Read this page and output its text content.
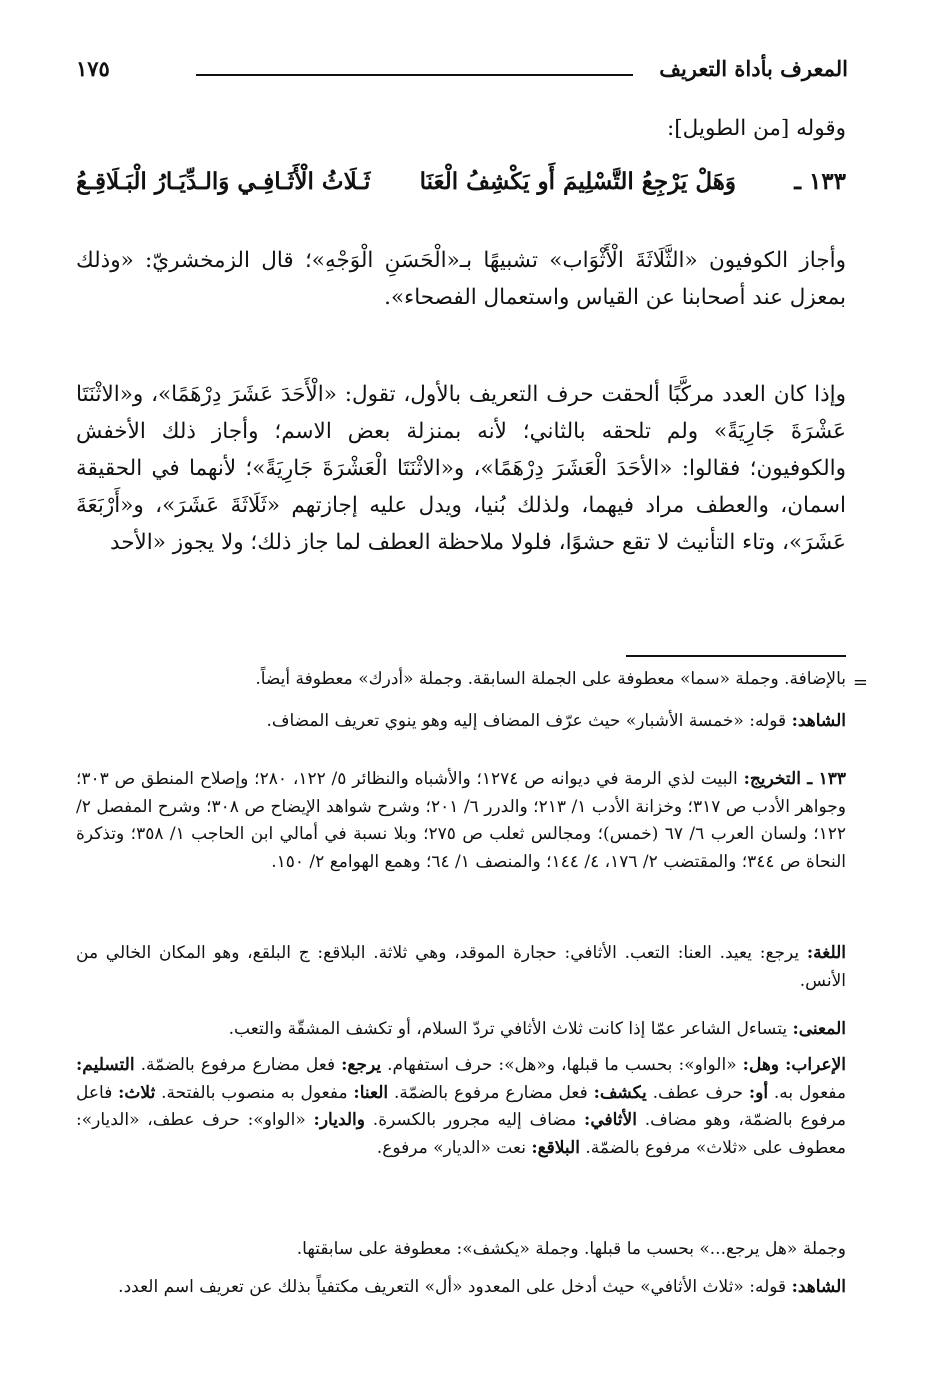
المعرف بأداة التعريف
١٧٥

وقوله [من الطويل]:

١٣٣ ـ
وَهَلْ يَرْجِعُ التَّسْلِيمَ أَو يَكْشِفُ الْعَنَا
ثَـلَاثُ الْأَثَـافِـي وَالـدِّيَـارُ الْبَـلَاقِـعُ

وأجاز الكوفيون «الثَّلَاثَةَ الْأَثْوَاب» تشبيهًا بـ«الْحَسَنِ الْوَجْهِ»؛ قال الزمخشريّ: «وذلك بمعزل عند أصحابنا عن القياس واستعمال الفصحاء».

وإذا كان العدد مركَّبًا ألحقت حرف التعريف بالأول، تقول: «الْأَحَدَ عَشَرَ دِرْهَمًا»، و«الاثْنَتَا عَشْرَةَ جَارِيَةً» ولم تلحقه بالثاني؛ لأنه بمنزلة بعض الاسم؛ وأجاز ذلك الأخفش والكوفيون؛ فقالوا: «الأحَدَ الْعَشَرَ دِرْهَمًا»، و«الاثْنَتَا الْعَشْرَةَ جَارِيَةً»؛ لأنهما في الحقيقة اسمان، والعطف مراد فيهما، ولذلك بُنيا، ويدل عليه إجازتهم «ثَلَاثَةَ عَشَرَ»، و«أَرْبَعَةَ عَشَرَ»، وتاء التأنيث لا تقع حشوًا، فلولا ملاحظة العطف لما جاز ذلك؛ ولا يجوز «الأحد

=

بالإضافة. وجملة «سما» معطوفة على الجملة السابقة. وجملة «أدرك» معطوفة أيضاً.

الشاهد: قوله: «خمسة الأشبار» حيث عرّف المضاف إليه وهو ينوي تعريف المضاف.

١٣٣ ـ التخريج: البيت لذي الرمة في ديوانه ص ١٢٧٤؛ والأشباه والنظائر ٥/ ١٢٢، ٢٨٠؛ وإصلاح المنطق ص ٣٠٣؛ وجواهر الأدب ص ٣١٧؛ وخزانة الأدب ١/ ٢١٣؛ والدرر ٦/ ٢٠١؛ وشرح شواهد الإيضاح ص ٣٠٨؛ وشرح المفصل ٢/ ١٢٢؛ ولسان العرب ٦/ ٦٧ (خمس)؛ ومجالس ثعلب ص ٢٧٥؛ وبلا نسبة في أمالي ابن الحاجب ١/ ٣٥٨؛ وتذكرة النحاة ص ٣٤٤؛ والمقتضب ٢/ ١٧٦، ٤/ ١٤٤؛ والمنصف ١/ ٦٤؛ وهمع الهوامع ٢/ ١٥٠.

اللغة: يرجع: يعيد. العنا: التعب. الأثافي: حجارة الموقد، وهي ثلاثة. البلاقع: ج البلقع، وهو المكان الخالي من الأنس.

المعنى: يتساءل الشاعر عمّا إذا كانت ثلاث الأثافي تردّ السلام، أو تكشف المشقّة والتعب.

الإعراب: وهل: «الواو»: بحسب ما قبلها، و«هل»: حرف استفهام. يرجع: فعل مضارع مرفوع بالضمّة. التسليم: مفعول به. أو: حرف عطف. يكشف: فعل مضارع مرفوع بالضمّة. العنا: مفعول به منصوب بالفتحة. ثلاث: فاعل مرفوع بالضمّة، وهو مضاف. الأثافي: مضاف إليه مجرور بالكسرة. والديار: «الواو»: حرف عطف، «الديار»: معطوف على «ثلاث» مرفوع بالضمّة. البلاقع: نعت «الديار» مرفوع.

وجملة «هل يرجع...» بحسب ما قبلها. وجملة «يكشف»: معطوفة على سابقتها.

الشاهد: قوله: «ثلاث الأثافي» حيث أدخل على المعدود «أل» التعريف مكتفياً بذلك عن تعريف اسم العدد.
